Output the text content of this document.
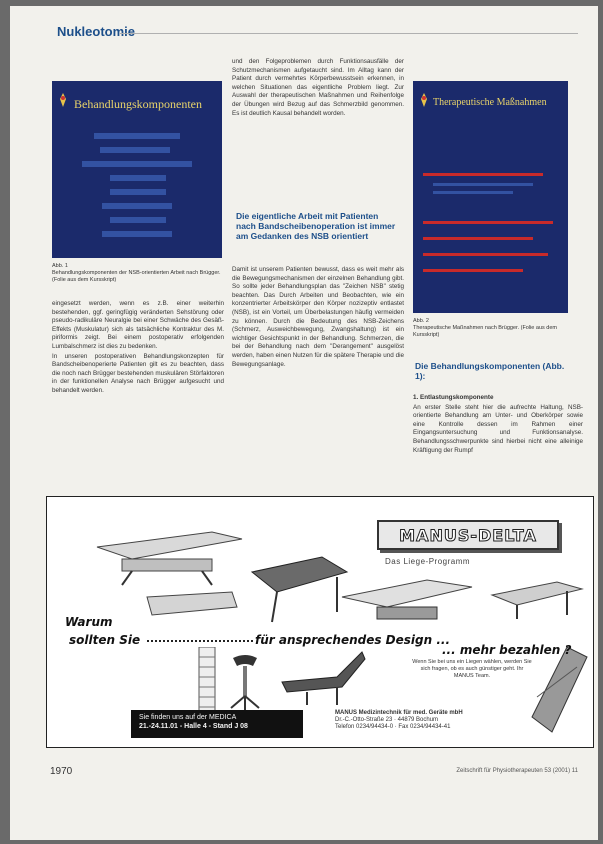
Nukleotomie
Behandlungskomponenten
Abb. 1
Behandlungskomponenten der NSB-orientierten Arbeit nach Brügger. (Folie aus dem Kursskript)

eingesetzt werden, wenn es z.B. einer weiterhin bestehenden, ggf. geringfügig veränderten Sehstörung oder pseudo-radikuläre Neuralgie bei einer Schwäche des Gesäß-Effekts (Muskulatur) sich als tatsächliche Kontraktur des M. piriformis zeigt. Bei einem postoperativ erfolgenden Lumbalschmerz ist dies zu bedenken.

In unseren postoperativen Behandlungskonzepten für Bandscheibenoperierte Patienten gilt es zu beachten, dass die noch nach Brügger bestehenden muskulären Störfaktoren in der funktionellen Analyse nach Brügger aufgesucht und behandelt werden.

und den Folgeproblemen durch Funktionsausfälle der Schutzmechanismen aufgetaucht sind. Im Alltag kann der Patient durch vermehrtes Körperbewusstsein erkennen, in welchen Situationen das eigentliche Problem liegt. Zur Auswahl der therapeutischen Maßnahmen und Reihenfolge der Übungen wird Bezug auf das Schmerzbild genommen. Es ist deutlich Kausal behandelt worden.

Die eigentliche Arbeit mit Patienten nach Bandscheibenoperation ist immer am Gedanken des NSB orientiert

Damit ist unserem Patienten bewusst, dass es weit mehr als die Bewegungsmechanismen der einzelnen Behandlung gibt. So sollte jeder Behandlungsplan das "Zeichen NSB" stetig beachten. Das Durch Arbeiten und Beobachten, wie ein konzentrierter Arbeitskörper den Körper nozizeptiv entlastet (NSB), ist ein Vorteil, um Überbelastungen häufig vermeiden zu können. Durch die Bedeutung des NSB-Zeichens (Schmerz, Ausweichbewegung, Zwangshaltung) ist ein wichtiger Gesichtspunkt in der Behandlung. Schmerzen, die bei der Behandlung nach dem "Derangement" ausgelöst werden, haben einen Nutzen für die spätere Therapie und die Bewegungsanlage.

Therapeutische Maßnahmen
Abb. 2
Therapeutische Maßnahmen nach Brügger. (Folie aus dem Kursskript)
Die Behandlungskomponenten (Abb. 1):

1. Entlastungskomponente

An erster Stelle steht hier die aufrechte Haltung, NSB-orientierte Behandlung am Unter- und Oberkörper sowie eine Kontrolle dessen im Rahmen einer Eingangsuntersuchung und Funktionsanalyse. Behandlungsschwerpunkte sind hierbei nicht eine alleinige Kräftigung der Rumpf

MANUS-DELTA
Das Liege-Programm
Warum
sollten Sie	für ansprechendes Design ...
... mehr bezahlen ?
Wenn Sie bei uns ein Liegen wählen, werden Sie sich fragen, ob es auch günstiger geht. Ihr MANUS Team.
Sie finden uns auf der MEDICA
21.-24.11.01 - Halle 4 - Stand J 08
MANUS Medizintechnik für med. Geräte mbH
Dr.-C.-Otto-Straße 23 · 44879 Bochum
Telefon 0234/94434-0 · Fax 0234/94434-41
1970	Zeitschrift für Physiotherapeuten 53 (2001) 11
